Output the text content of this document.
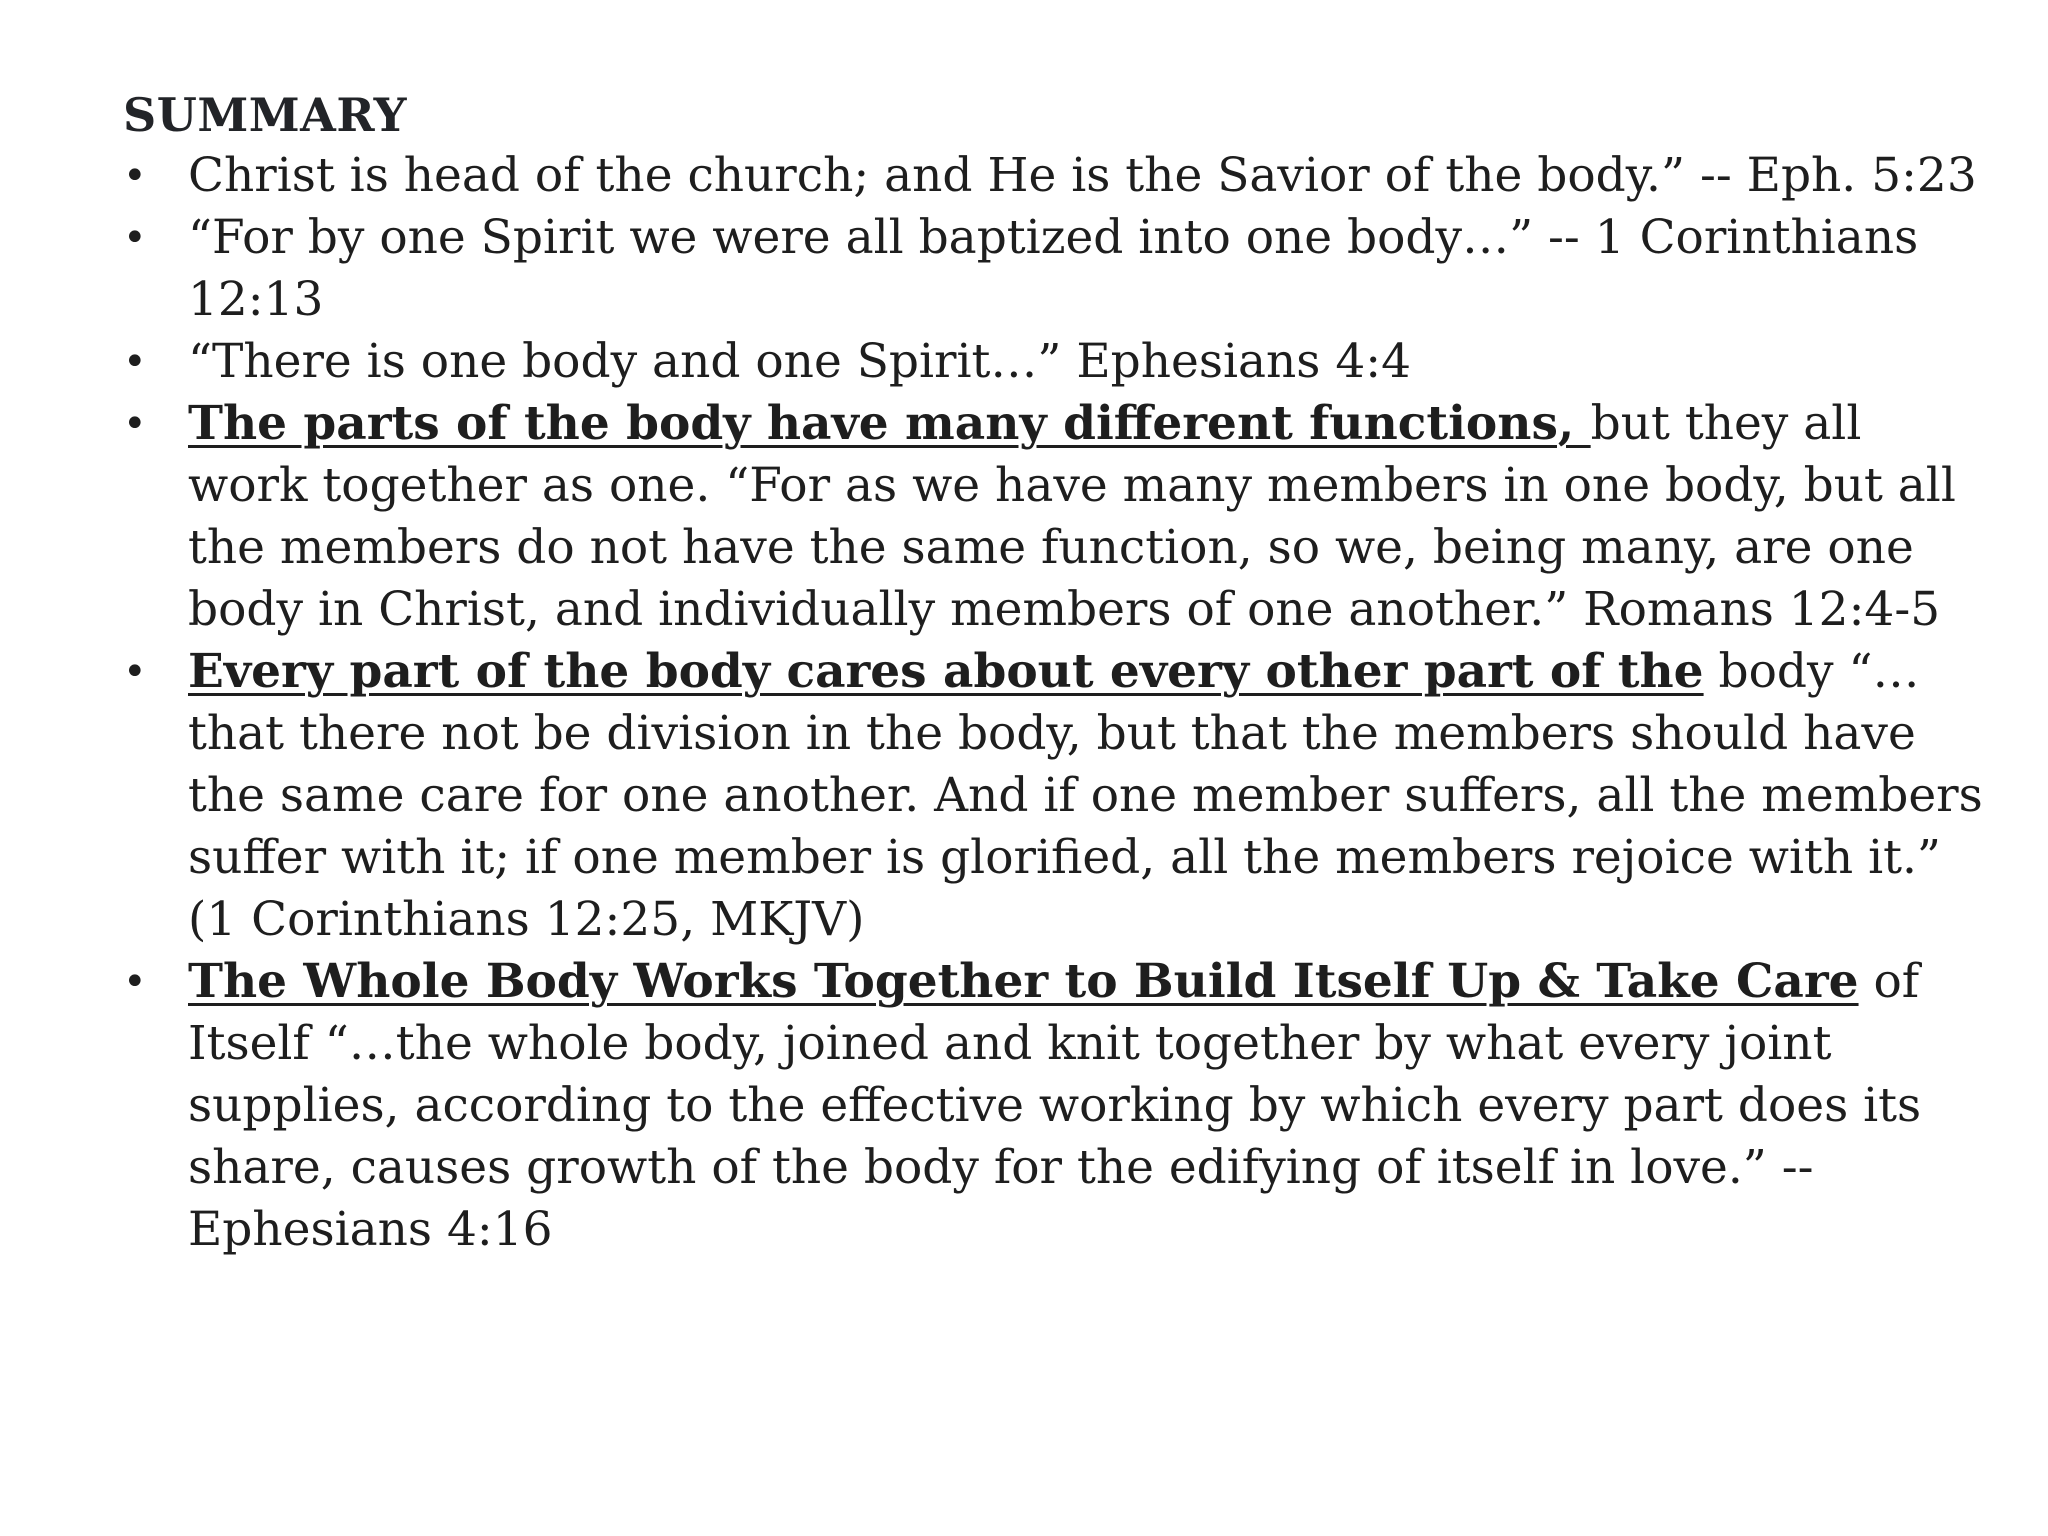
SUMMARY
• Christ is head of the church; and He is the Savior of the body.” -- Eph. 5:23
• “For by one Spirit we were all baptized into one body…” -- 1 Corinthians 12:13
• “There is one body and one Spirit…” Ephesians 4:4
• The parts of the body have many different functions, but they all work together as one. “For as we have many members in one body, but all the members do not have the same function, so we, being many, are one body in Christ, and individually members of one another.” Romans 12:4-5
• Every part of the body cares about every other part of the body “… that there not be division in the body, but that the members should have the same care for one another. And if one member suffers, all the members suffer with it; if one member is glorified, all the members rejoice with it.” (1 Corinthians 12:25, MKJV)
• The Whole Body Works Together to Build Itself Up & Take Care of Itself “…the whole body, joined and knit together by what every joint supplies, according to the effective working by which every part does its share, causes growth of the body for the edifying of itself in love.” -- Ephesians 4:16
